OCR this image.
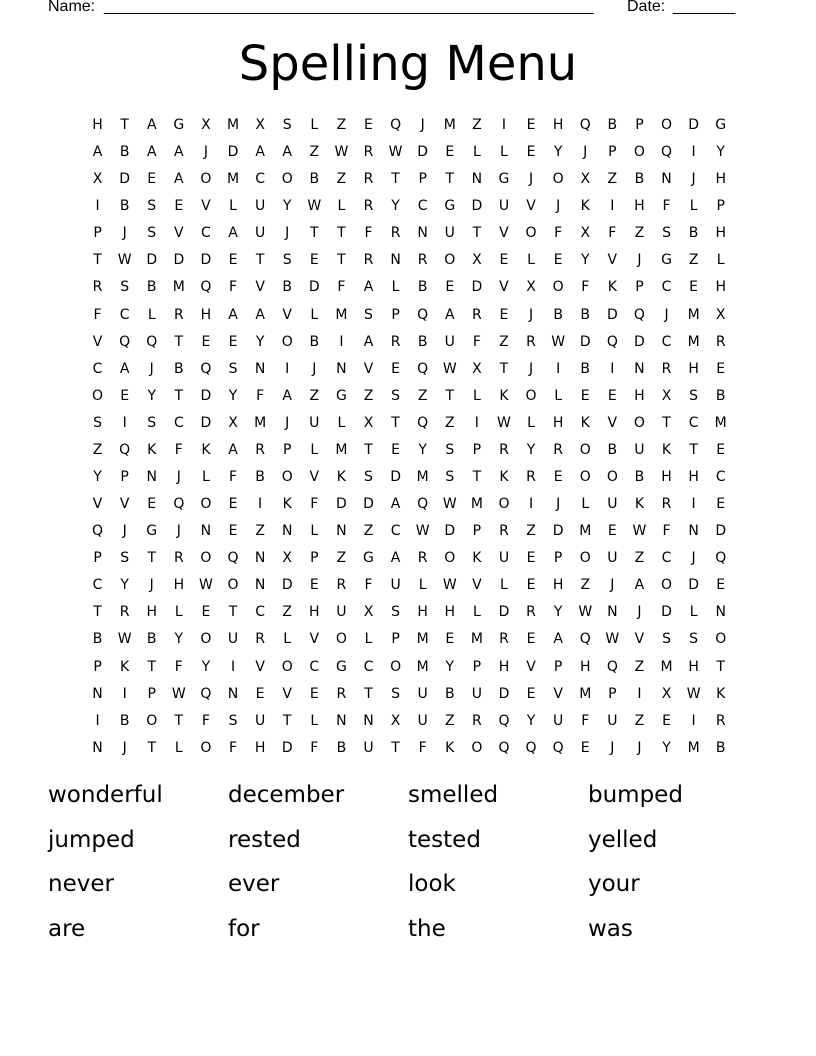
Name: _______________________________________________________ Date: _______
Spelling Menu
H	T	A	G	X	M	X	S	L	Z	E	Q	J	M	Z	I	E	H	Q	B	P	O	D	G
A	B	A	A	J	D	A	A	Z	W	R	W	D	E	L	L	E	Y	J	P	O	Q	I	Y
X	D	E	A	O	M	C	O	B	Z	R	T	P	T	N	G	J	O	X	Z	B	N	J	H
I	B	S	E	V	L	U	Y	W	L	R	Y	C	G	D	U	V	J	K	I	H	F	L	P
P	J	S	V	C	A	U	J	T	T	F	R	N	U	T	V	O	F	X	F	Z	S	B	H
T	W	D	D	D	E	T	S	E	T	R	N	R	O	X	E	L	E	Y	V	J	G	Z	L
R	S	B	M	Q	F	V	B	D	F	A	L	B	E	D	V	X	O	F	K	P	C	E	H
F	C	L	R	H	A	A	V	L	M	S	P	Q	A	R	E	J	B	B	D	Q	J	M	X
V	Q	Q	T	E	E	Y	O	B	I	A	R	B	U	F	Z	R	W	D	Q	D	C	M	R
C	A	J	B	Q	S	N	I	J	N	V	E	Q	W	X	T	J	I	B	I	N	R	H	E
O	E	Y	T	D	Y	F	A	Z	G	Z	S	Z	T	L	K	O	L	E	E	H	X	S	B
S	I	S	C	D	X	M	J	U	L	X	T	Q	Z	I	W	L	H	K	V	O	T	C	M
Z	Q	K	F	K	A	R	P	L	M	T	E	Y	S	P	R	Y	R	O	B	U	K	T	E
Y	P	N	J	L	F	B	O	V	K	S	D	M	S	T	K	R	E	O	O	B	H	H	C
V	V	E	Q	O	E	I	K	F	D	D	A	Q	W	M	O	I	J	L	U	K	R	I	E
Q	J	G	J	N	E	Z	N	L	N	Z	C	W	D	P	R	Z	D	M	E	W	F	N	D
P	S	T	R	O	Q	N	X	P	Z	G	A	R	O	K	U	E	P	O	U	Z	C	J	Q
C	Y	J	H	W	O	N	D	E	R	F	U	L	W	V	L	E	H	Z	J	A	O	D	E
T	R	H	L	E	T	C	Z	H	U	X	S	H	H	L	D	R	Y	W	N	J	D	L	N
B	W	B	Y	O	U	R	L	V	O	L	P	M	E	M	R	E	A	Q	W	V	S	S	O
P	K	T	F	Y	I	V	O	C	G	C	O	M	Y	P	H	V	P	H	Q	Z	M	H	T
N	I	P	W	Q	N	E	V	E	R	T	S	U	B	U	D	E	V	M	P	I	X	W	K
I	B	O	T	F	S	U	T	L	N	N	X	U	Z	R	Q	Y	U	F	U	Z	E	I	R
N	J	T	L	O	F	H	D	F	B	U	T	F	K	O	Q	Q	Q	E	J	J	Y	M	B
wonderful	december	smelled	bumped
jumped	rested	tested	yelled
never	ever	look	your
are	for	the	was
